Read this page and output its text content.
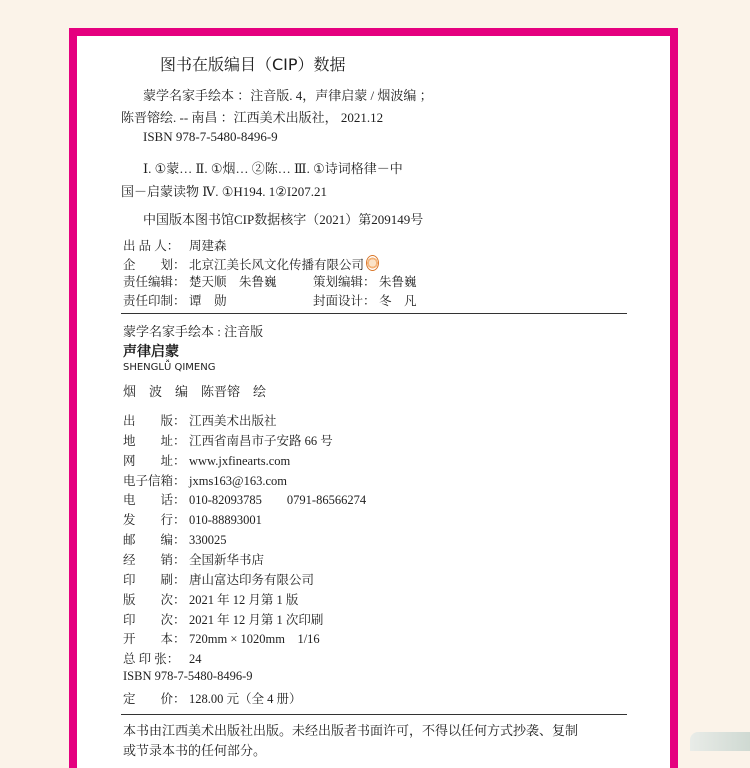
图书在版编目（CIP）数据
蒙学名家手绘本 ：注音版. 4，声律启蒙 / 烟波编 ；
陈晋镕绘. -- 南昌 ：江西美术出版社， 2021.12
ISBN 978-7-5480-8496-9
Ⅰ. ①蒙… Ⅱ. ①烟… ②陈… Ⅲ. ①诗词格律－中
国－启蒙读物 Ⅳ. ①H194. 1②I207.21
中国版本图书馆CIP数据核字（2021）第209149号
出 品 人： 周建森
企　　划： 北京江美长风文化传播有限公司
责任编辑： 楚天顺　朱鲁巍	策划编辑： 朱鲁巍
责任印制： 谭　勋	封面设计： 冬　凡
蒙学名家手绘本 : 注音版
声律启蒙
SHENGLǙ QIMENG
烟　波　编　陈晋镕　绘
出　　版： 江西美术出版社
地　　址： 江西省南昌市子安路 66 号
网　　址： www.jxfinearts.com
电子信箱： jxms163@163.com
电　　话： 010-82093785　　0791-86566274
发　　行： 010-88893001
邮　　编： 330025
经　　销： 全国新华书店
印　　刷： 唐山富达印务有限公司
版　　次： 2021 年 12 月第 1 版
印　　次： 2021 年 12 月第 1 次印刷
开　　本： 720mm × 1020mm　1/16
总 印 张： 24
ISBN 978-7-5480-8496-9
定　　价： 128.00 元（全 4 册）
本书由江西美术出版社出版。未经出版者书面许可，不得以任何方式抄袭、复制
或节录本书的任何部分。
